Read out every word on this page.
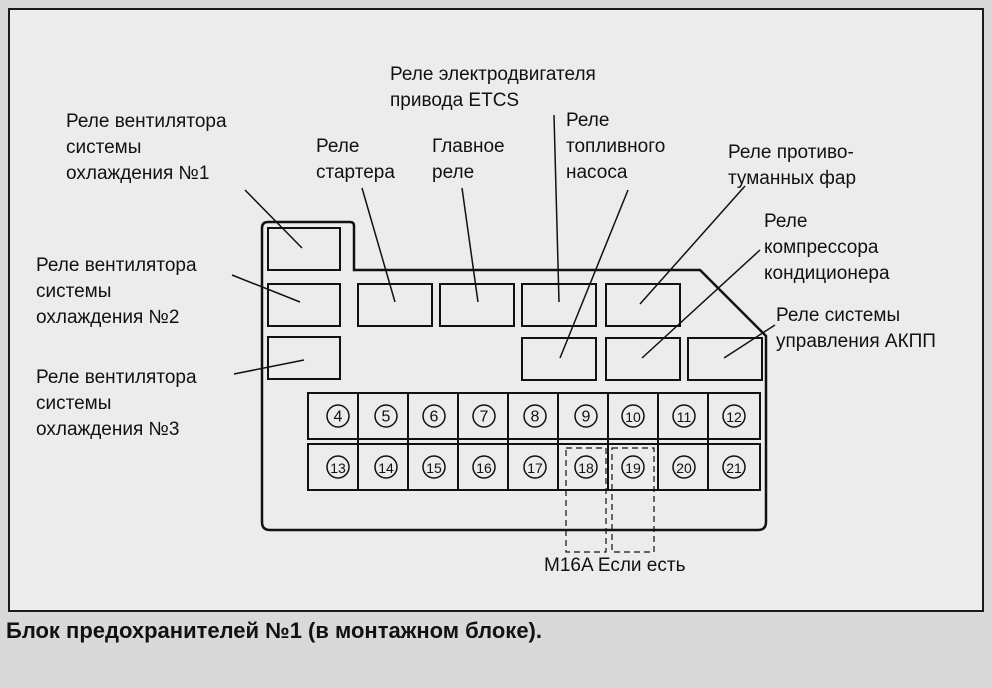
4 5 6	7	8	9 10	11 12
13 14 15 16	17	18 19	20 21
Реле вентилятора
системы
охлаждения №1
Реле вентилятора
системы
охлаждения №2
Реле вентилятора
системы
охлаждения №3
Реле
стартера
Главное
реле
Реле электродвигателя
привода ETCS
Реле
топливного
насоса
Реле противо-
туманных фар
Реле
компрессора
кондиционера
Реле системы
управления АКПП
M16A Если есть
Блок предохранителей №1 (в монтажном блоке).
